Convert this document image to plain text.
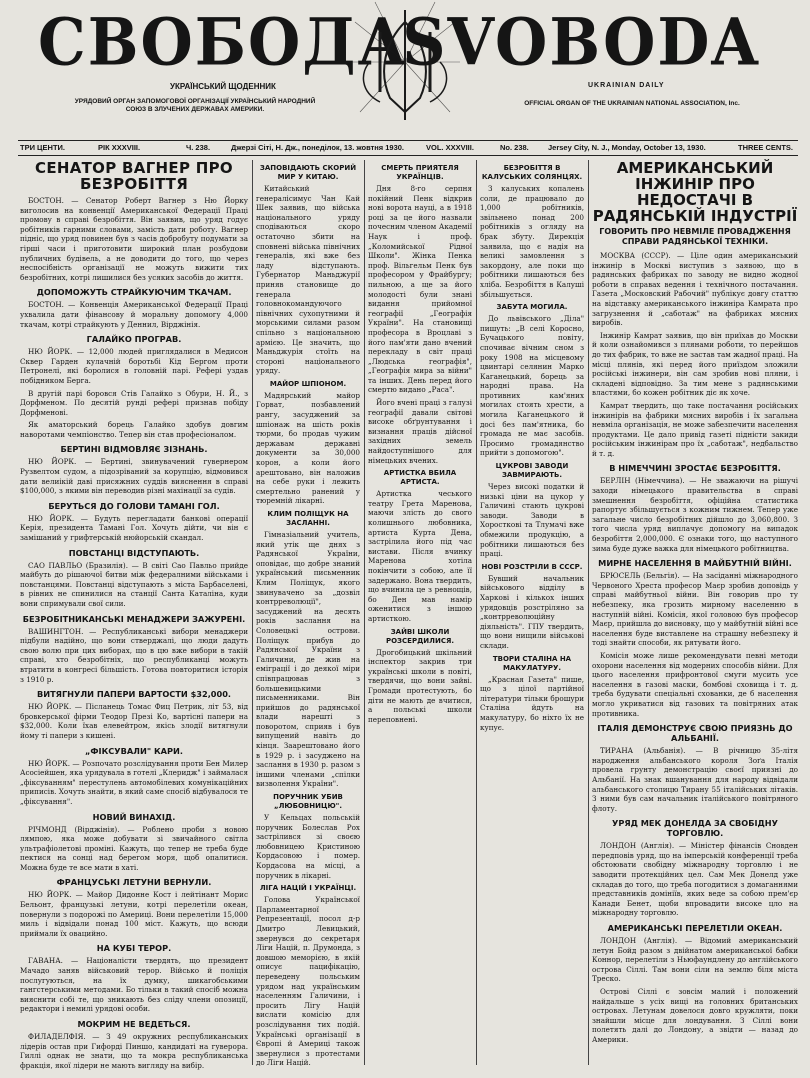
СВОБОДА
SVOBODA
УКРАЇНСЬКИЙ ЩОДЕННИК	UKRAINIAN DAILY
УРЯДОВИЙ ОРГАН ЗАПОМОГОВОЇ ОРГАНІЗАЦІЇ УКРАЇНСЬКИЙ НАРОДНИЙ СОЮЗ В ЗЛУЧЕНИХ ДЕРЖАВАХ АМЕРИКИ.
OFFICIAL ORGAN OF THE UKRAINIAN NATIONAL ASSOCIATION, Inc.
ТРИ ЦЕНТИ.	РІК XXXVIII.	Ч. 238.	Джерзі Сіті, Н. Дж., понеділок, 13. жовтня 1930.	VOL. XXXVIII.	No. 238.	Jersey City, N. J., Monday, October 13, 1930.	THREE CENTS.
СЕНАТОР ВАГНЕР ПРО БЕЗРОБІТТЯ

БОСТОН. — Сенатор Роберт Вагнер з Ню Йорку виголосив на конвенції Американської Федерації Праці промову в справі безробіття. Він заявив, що уряд годує робітників гарними словами, замість дати роботу. Вагнер підніс, що уряд повинен був з часів добробуту подумати за гірші часи і приготовити широкий план розбудови публичних будівель, а не доводити до того, що через неспосібність організації не можуть вижити тих безробітних, котрі лишилися без усяких засобів до життя.

ДОПОМОЖУТЬ СТРАЙКУЮЧИМ ТКАЧАМ.

БОСТОН. — Конвенція Американської Федерації Праці ухвалила дати фінансову й моральну допомогу 4,000 ткачам, котрі страйкують у Деннил, Вірджінія.

ГАЛАЙКО ПРОГРАВ.

НЮ ЙОРК. — 12,000 людей приглядалися в Медисон Сквер Гарден кулачній боротьбі Кід Бергом проти Петронелі, які боролися в головній парі. Рефері уздав побідником Берга.

В другій парі боровся Стів Галайко з Обури, Н. Й., з Дорфменом. По десятій рунді рефері признав побіду Дорфменові.

Як аматорський борець Галайко здобув довгим наворотами чемпіонство. Тепер він став професіоналом.

БЕРТИНІ ВІДМОВЛЯЄ ЗІЗНАНЬ.

НЮ ЙОРК. — Бертині, звинувачений гувернером Рузвелтом судом, а підозріваний за корупцію, відмовився дати велиікій даві присяжних суддів вияснення в справі $100,000, з якими він переводив різні махінації за судів.

БЕРУТЬСЯ ДО ГОЛОВИ ТАМАНІ ГОЛ.

НЮ ЙОРК. — Будуть перегладати банкові операції Керія, президента Тамані Гол. Хочуть дійти, чи він є замішаний у грифтерській нюйорській скандал.

ПОВСТАНЦІ ВІДСТУПАЮТЬ.

САО ПАВЛЬО (Бразилія). — В світі Сао Павльо прийде майбуть до рішаючої битви між федералними військами і повстанцями. Повстанці відступають з міста Барбаселені, в рівних не спинилися на станції Санта Каталіна, куди вони спримували свої сили.

БЕЗРОБІТНИКАНСЬКІ МЕНАДЖЕРИ ЗАЖУРЕНІ.

ВАШИНГТОН. — Республиканські вибори менаджери підбули надійно, що вони стверджалі, що люди дадуть свою волю при цих виборах, що в цю вже вибори в такій справі, хто безробітніх, що республиканці можуть втратити в конгресі більшість. Готова повторитися історія з 1910 р.

ВИТЯГНУЛИ ПАПЕРИ ВАРТОСТИ $32,000.

НЮ ЙОРК. — Післанець Томас Фиц Петрик, літ 53, від бровкерської фірми Теодор Презі Ко, вартісні папери на $32,000. Коли їхав елевейтром, якісь злодії витягнули йому ті папери з кишені.

„ФІКСУВАЛИ" КАРИ.

НЮ ЙОРК. — Розпочато розслідування проти Бен Милер Асосіейшен, яка урядувала в готелі „Клеридж" і займалася „фіксуванням" перестулень автомобілевих комунікаційних приписів. Хочуть знайти, в який саме спосіб відбувалося те „фіксування".

НОВИЙ ВИНАХІД.

РІЧМОНД (Вірджінія). — Роблено проби з новою лямпою, яка може добувати зі звичайного світла ультрафіолетові проміні. Кажуть, що тепер не треба буде пектися на сонці над берегом моря, щоб опалитися. Можна буде те все мати в хаті.

ФРАНЦУСЬКІ ЛЕТУНИ ВЕРНУЛИ.

НЮ ЙОРК. — Майор Дидонне Кост і лейтінант Морис Бельонт, французькі летуни, котрі перелетіли океан, повернули з подорожі по Америці. Вони перелетіли 15,000 миль і відвідали понад 100 міст. Кажуть, що всюди приймали їх овацийно.

НА КУБІ ТЕРОР.

ГАВАНА. — Націоналісти твердять, що президент Мачадо заняв військовий терор. Військо й поліція послугуються, на їх думку, шикагобськими гангстерськими методами. Бо тільки в такий спосіб можна вияснити собі те, що зникають без сліду члени опозиції, редактори і немилі урядові особи.

МОКРИМ НЕ ВЕДЕТЬСЯ.

ФИЛАДЕЛФІЯ. — З 49 окружних республиканських лідерів остав при Гифорді Пиншо, кандидаті на гуверора. Гиллі однак не знати, що та мокра республиканська фракція, якої лідери не мають вигляду на вибір.

ЗАПОВІДАЮТЬ СКОРИЙ МИР У КИТАЮ.

Китайський генералісимус Чан Кай Шек заявив, що війська національного уряду сподіваються скоро остаточно збити на сповнені війська північних генералів, які вже без ладу відступають. Губернатор Маньджурії приняв становище до генерала головнокомандуючого північних сухопутними й морськими силами разом спільно з національною армією. Це значить, що Маньджурія стоїть на стороні національного уряду.

МАЙОР ШПІОНОМ.

Мадярський майор Горват, позбавлений рангу, засуджений за шпіонаж на шість років тюрми, бо продав чужим державам державні документи за 30,000 корон, а коли його арештовано, він наложив на себе руки і лежить смертельно ранений у тюремній лікарні.

КЛИМ ПОЛІЩУК НА ЗАСЛАННІ.

Гімназіальний учитель, який утік ще днях з Радянської України, оповідає, що добре знаний український письменник Клим Поліщук, якого звинувачено за „дозвіл контрреволюції", засуджений на десять років заслання на Соловецькі острови. Поліщук прибув до Радянської України з Галичини, де жив на еміграції і до деякої міри співпрацював з большевицькими письменниками. Він прийшов до радянської влади нарешті з поворотом, сприяв і був випущений навіть до кінця. Заарештовано його в 1929 р. і засуджено на заслання в 1930 р. разом з іншими членами „спілки визволення України".

ПОРУЧНИК УБИВ „ЛЮБОВНИЦЮ".

У Кельцах польській поручник Болеслав Рох застрілився зі своєю любовницею Кристиною Кордасовою і помер. Кордасова на місці, а поручник в лікарні.

ЛІГА НАЦІЙ І УКРАЇНЦІ.

Голова Української Парламентарної Репрезентації, посол д-р Дмитро Левицький, звернувся до секретаря Ліги Націй, п. Друмонда, з довшою меморією, в якій описує пацифікацію, переведену польським урядом над українським населенням Галичини, і просить Лігу Націй вислати комісію для розслідування тих подій. Українські організації в Європі й Америці також звернулися з протестами до Ліги Націй.

СМЕРТЬ ПРИЯТЕЛЯ УКРАЇНЦІВ.

Дня 8-го серпня покійний Пенк відкрив нові ворота науці, а в 1918 році за це його назвали почесним членом Академії Наук і проф. „Коломийської Рідної Школи". Жінка Пенка проф. Вільгельм Пенк був професором у Фрайбургу; пильною, а ще за його молодості були знані видання прийомної географії „Географія України". На становищі професора в Вроцлаві з його пам'яти дано вчений перекладу в світ праці „Людська географія", „Географія мира за війни" та інших. День перед його смертю видано „Раса".

Його вчені праці з галузі географії давали світові високе обґрунтування і визнання праців дійсної західних земель найдоступнішого для німецьких вчених.

АРТИСТКА ВБИЛА АРТИСТА.

Артистка чеського театру Грета Маренова, маючи злість до свого колишнього любовника, артиста Курта Дена, застрілила його під час вистави. Після вчинку Маренова хотіла покінчити з собою, але її задержано. Вона твердить, що вчинила це з ревнощів, бо Ден мав намір оженитися з іншою артисткою.

ЗАЙВІ ШКОЛИ РОЗСЕРДИЛИСЯ.

Дрогобицький шкільний інспектор закрив три українські школи в повіті, твердячи, що вони зайві. Громади протестують, бо діти не мають де вчитися, а польські школи переповнені.

БЕЗРОБІТТЯ В КАЛУСЬКИХ СОЛЯНЦЯХ.

З калуських копалень соли, де працювало до 1,000 робітників, звільнено понад 200 робітників з огляду на брак збуту. Дирекція заявила, що є надія на великі замовлення з закордону, але поки що робітники лишаються без хліба. Безробіття в Калуші збільшується.

ЗАБУТА МОГИЛА.

До львівського „Діла" пишуть: „В селі Коросно, Бучацького повіту, спочиває вічним сном з року 1908 на місцевому цвинтарі селянин Марко Каганецький, борець за народні права. На противних кам'яних могилах стоять хрести, а могила Каганецького й досі без пам'ятника, бо громада не має засобів. Просимо громадянство прийти з допомогою".

ЦУКРОВІ ЗАВОДИ ЗАВМИРАЮТЬ.

Через високі податки й низькі ціни на цукор у Галичині стають цукрові заводи. Заводи в Хоросткові та Тлумачі вже обмежили продукцію, а робітники лишаються без праці.

НОВІ РОЗСТРІЛИ В СССР.

Бувший начальник військового відділу в Харкові і кількох інших урядовців розстріляно за „контрреволюційну діяльність". ГПУ твердить, що вони нищили військові склади.

ТВОРИ СТАЛІНА НА МАКУЛАТУРУ.

„Красная Газета" пише, що з цілої партійної літератури тільки брошури Сталіна йдуть на макулатуру, бо ніхто їх не купує.

АМЕРИКАНСЬКИЙ ІНЖИНІР ПРО НЕДОСТАЧІ В РАДЯНСЬКІЙ ІНДУСТРІЇ
ГОВОРИТЬ ПРО НЕВМІЛЕ ПРОВАДЖЕННЯ СПРАВИ РАДЯНСЬКОЇ ТЕХНІКИ.

МОСКВА (СССР). — Ціле один американський інжинір в Москві виступив з заявою, що в радянських фабриках по заводу не видно жодної роботи в справах ведення і технічного постачання. Газета „Московский Рабочий" публікує довгу статтю на відставку американського інжиніра Камрата про загрузнення й „саботаж" на фабриках мясних виробів.

Інжинір Камрат заявив, що він приїхав до Москви й коли ознайомився з плянами роботи, то перейшов до тих фабрик, то вже не застав там жадної праці. На місці плянів, які перед його приїздом зложили російські інжинери, він сам зробив нові пляни, і складені відповідно. За тим мене з радянськими властями, бо кожен робітник діє як хоче.

Камрат твердить, що таке постачання російських інжинірів на фабрики мясних виробів і їх загальна невміла організація, не може забезпечити населення продуктами. Це дало привід газеті підністи закиди російським інжинірам про їх „саботаж", недбальство й т. д.

В НІМЕЧЧИНІ ЗРОСТАЄ БЕЗРОБІТТЯ.

БЕРЛІН (Німеччина). — Не зважаючи на рішучі заходи німецького правительства в справі змешнення безробіття, офіційна статистика рапортує збільшується з кожним тижнем. Тепер уже загальне число безробітних дійшло до 3,060,800. З того числа уряд виплачує допомогу на випадок безробіття 2,000,000. Є ознаки того, що наступного зима буде дуже важка для німецького робітництва.

МИРНЕ НАСЕЛЕННЯ В МАЙБУТНІЙ ВІЙНІ.

БРЮСЕЛЬ (Бельгія). — На засіданні міжнародного Червоного Хреста професор Маєр зробив доповідь у справі майбутньої війни. Він говорив про ту небезпеку, яка грозить мирному населенню в наступній війні. Комісія, якої головою був професор Маєр, прийшла до висновку, що у майбутній війні все населення буде виставлене на страшну небезпеку й тоді знайти способи, як рятувати його.

Комісія може лише рекомендувати певні методи охорони населення від модерних способів війни. Для цього населення прифронтової смуги мусить усе населення в газові маски, бомбові сховища і т. д. треба будувати спеціальні схованки, де б населення могло укриватися від газових та повітряних атак противника.

ІТАЛІЯ ДЕМОНСТРУЄ СВОЮ ПРИЯЗНЬ ДО АЛЬБАНІЇ.

ТИРАНА (Альбанія). — В річницю 35-літя народження альбанського короля Зоґа Італія провела грунту демонстрацію своєї приязні до Альбанії. На знак вшанування для народу відвідали альбанського столицю Тирану 55 італійських літаків. З ними був сам начальник італійського повітряного флоту.

УРЯД МЕК ДОНЕЛДА ЗА СВОБІДНУ ТОРГОВЛЮ.

ЛОНДОН (Англія). — Міністер фінансів Сновден передповів уряд, що на імперській конференції треба обстоювати свобідну міжнародну торговлю і не заводити протекційних цел. Сам Мек Донелд уже складав до того, що треба погодитися з домаганнями представників домініїв, яких веде за собою прем'єр Канади Бенет, щоби впровадити високе цло на міжнародну торговлю.

АМЕРИКАНСЬКІ ПЕРЕЛЕТІЛИ ОКЕАН.

ЛОНДОН (Англія). — Відомий американський летун Бойд разом з двійнатом американської бабки Коннор, перелетіли з Ньюфаундлену до англійського острова Сіллі. Там вони сіли на землю біля міста Треско.

Острові Сіллі є зовсім малий і положений найдальше з усіх вищі на головних британських островах. Летунам довелося довго кружляти, поки знайшли місце для лондування. З Сіллі вони полетять далі до Лондону, а звідти — назад до Америки.
